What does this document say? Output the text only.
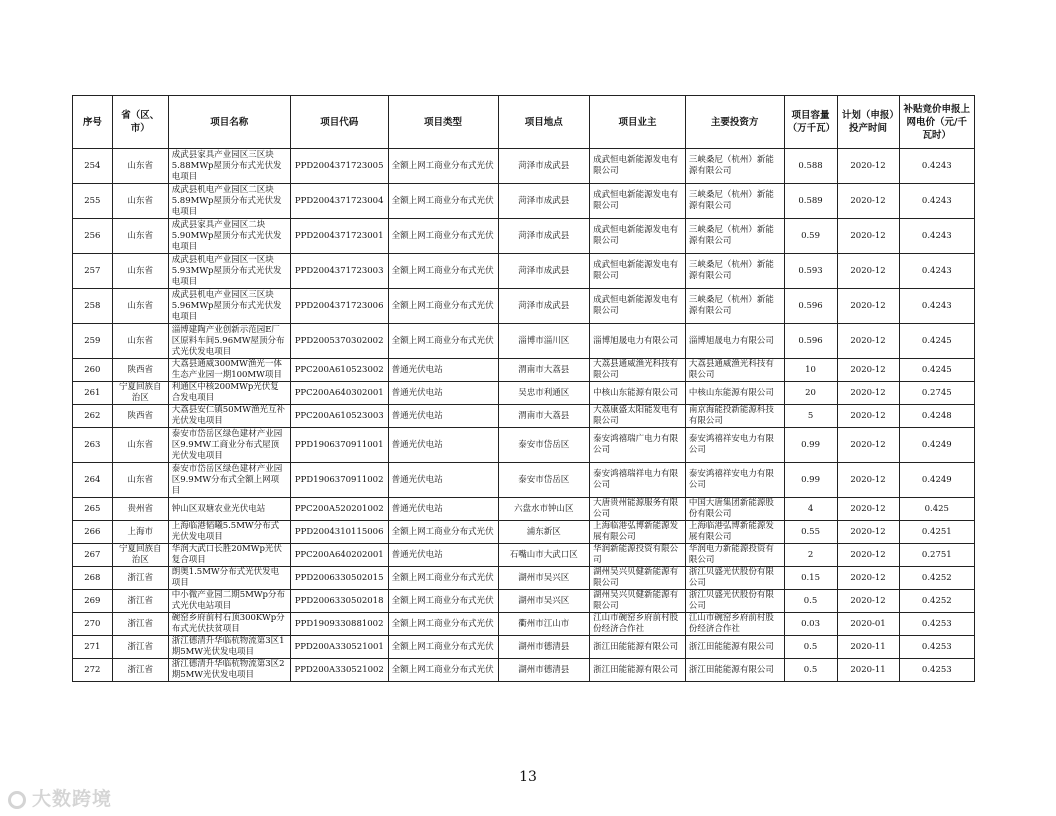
序号	省（区、市）	项目名称	项目代码	项目类型	项目地点	项目业主	主要投资方	项目容量（万千瓦）	计划（申报）投产时间	补贴竞价申报上网电价（元/千瓦时）
254	山东省	成武县家具产业园区三区块5.88MWp屋顶分布式光伏发电项目	PPD2004371723005	全额上网工商业分布式光伏	菏泽市成武县	成武恒电新能源发电有限公司	三峡桑尼（杭州）新能源有限公司	0.588	2020-12	0.4243
255	山东省	成武县机电产业园区二区块5.89MWp屋顶分布式光伏发电项目	PPD2004371723004	全额上网工商业分布式光伏	菏泽市成武县	成武恒电新能源发电有限公司	三峡桑尼（杭州）新能源有限公司	0.589	2020-12	0.4243
256	山东省	成武县家具产业园区二块5.90MWp屋顶分布式光伏发电项目	PPD2004371723001	全额上网工商业分布式光伏	菏泽市成武县	成武恒电新能源发电有限公司	三峡桑尼（杭州）新能源有限公司	0.59	2020-12	0.4243
257	山东省	成武县机电产业园区一区块5.93MWp屋顶分布式光伏发电项目	PPD2004371723003	全额上网工商业分布式光伏	菏泽市成武县	成武恒电新能源发电有限公司	三峡桑尼（杭州）新能源有限公司	0.593	2020-12	0.4243
258	山东省	成武县机电产业园区三区块5.96MWp屋顶分布式光伏发电项目	PPD2004371723006	全额上网工商业分布式光伏	菏泽市成武县	成武恒电新能源发电有限公司	三峡桑尼（杭州）新能源有限公司	0.596	2020-12	0.4243
259	山东省	淄博建陶产业创新示范园E厂区原料车间5.96MW屋顶分布式光伏发电项目	PPD2005370302002	全额上网工商业分布式光伏	淄博市淄川区	淄博旭晟电力有限公司	淄博旭晟电力有限公司	0.596	2020-12	0.4245
260	陕西省	大荔县通威300MW渔光一体生态产业园一期100MW项目	PPC200A610523002	普通光伏电站	渭南市大荔县	大荔县通威渔光科技有限公司	大荔县通威渔光科技有限公司	10	2020-12	0.4245
261	宁夏回族自治区	利通区中核200MWp光伏复合发电项目	PPC200A640302001	普通光伏电站	吴忠市利通区	中核山东能源有限公司	中核山东能源有限公司	20	2020-12	0.2745
262	陕西省	大荔县安仁镇50MW渔光互补光伏发电项目	PPC200A610523003	普通光伏电站	渭南市大荔县	大荔康盛太阳能发电有限公司	南京海能投新能源科技有限公司	5	2020-12	0.4248
263	山东省	泰安市岱岳区绿色建材产业园区9.9MW工商业分布式屋顶光伏发电项目	PPD1906370911001	普通光伏电站	泰安市岱岳区	泰安鸿禧瑞广电力有限公司	泰安鸿禧祥安电力有限公司	0.99	2020-12	0.4249
264	山东省	泰安市岱岳区绿色建材产业园区9.9MW分布式全额上网项目	PPD1906370911002	普通光伏电站	泰安市岱岳区	泰安鸿禧瑞祥电力有限公司	泰安鸿禧祥安电力有限公司	0.99	2020-12	0.4249
265	贵州省	钟山区双塘农业光伏电站	PPC200A520201002	普通光伏电站	六盘水市钟山区	大唐贵州能源服务有限公司	中国大唐集团新能源股份有限公司	4	2020-12	0.425
266	上海市	上海临港韬曦5.5MW分布式光伏发电项目	PPD2004310115006	全额上网工商业分布式光伏	浦东新区	上海临港弘博新能源发展有限公司	上海临港弘博新能源发展有限公司	0.55	2020-12	0.4251
267	宁夏回族自治区	华润大武口长胜20MWp光伏复合项目	PPC200A640202001	普通光伏电站	石嘴山市大武口区	华润新能源投资有限公司	华润电力新能源投资有限公司	2	2020-12	0.2751
268	浙江省	朗奥1.5MW分布式光伏发电项目	PPD2006330502015	全额上网工商业分布式光伏	湖州市吴兴区	湖州吴兴贝健新能源有限公司	浙江贝盛光伏股份有限公司	0.15	2020-12	0.4252
269	浙江省	中小微产业园二期5MWp分布式光伏电站项目	PPD2006330502018	全额上网工商业分布式光伏	湖州市吴兴区	湖州吴兴贝健新能源有限公司	浙江贝盛光伏股份有限公司	0.5	2020-12	0.4252
270	浙江省	碗窑乡府前村石顶300KWp分布式光伏扶贫项目	PPD1909330881002	全额上网工商业分布式光伏	衢州市江山市	江山市碗窑乡府前村股份经济合作社	江山市碗窑乡府前村股份经济合作社	0.03	2020-01	0.4253
271	浙江省	浙江德清升华临杭物流第3区1期5MW光伏发电项目	PPD200A330521001	全额上网工商业分布式光伏	湖州市德清县	浙江田能能源有限公司	浙江田能能源有限公司	0.5	2020-11	0.4253
272	浙江省	浙江德清升华临杭物流第3区2期5MW光伏发电项目	PPD200A330521002	全额上网工商业分布式光伏	湖州市德清县	浙江田能能源有限公司	浙江田能能源有限公司	0.5	2020-11	0.4253
13
大数跨境
